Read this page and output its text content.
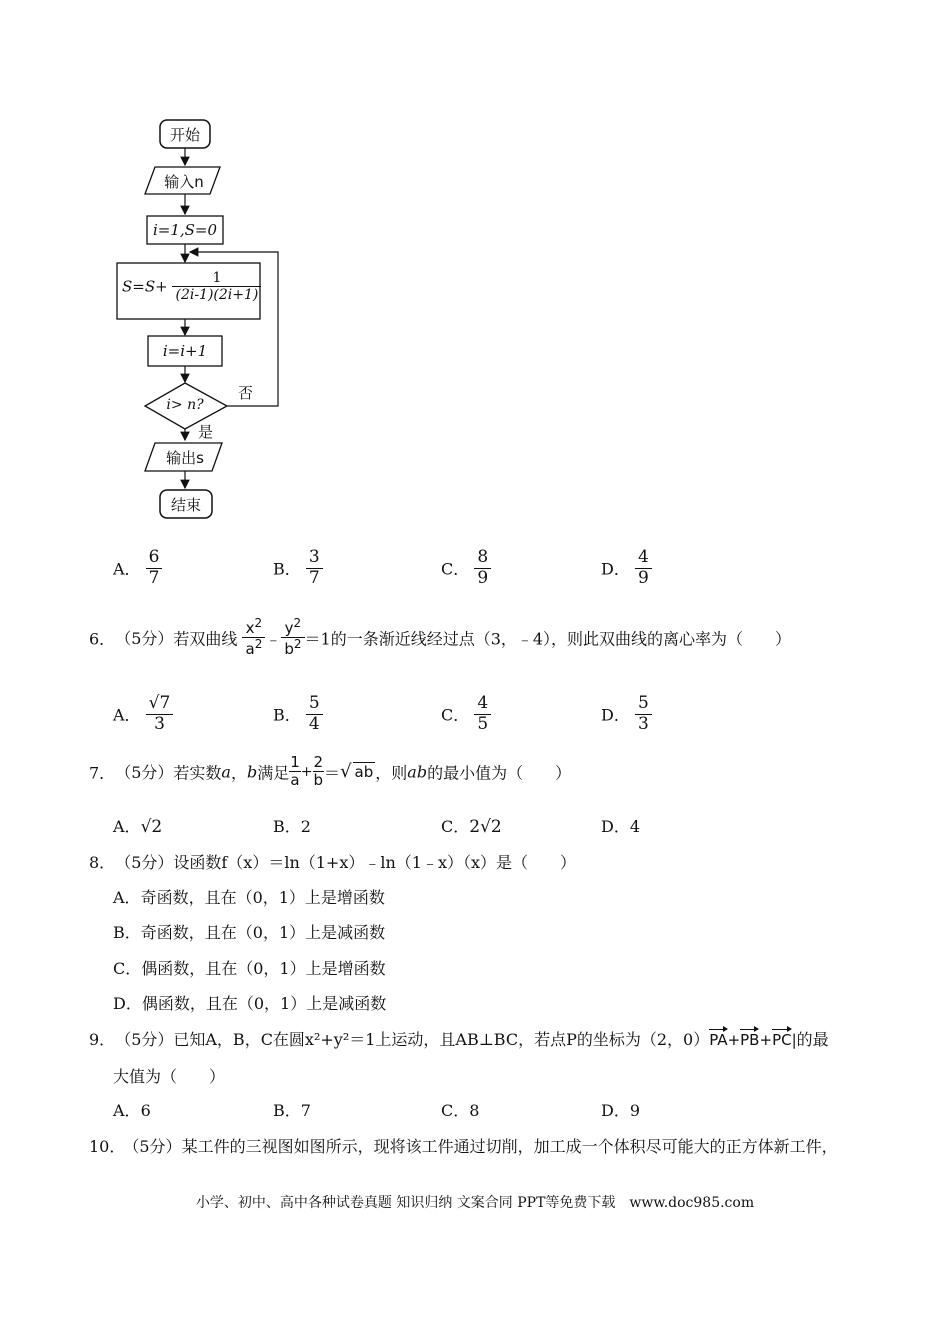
开始
输入n
i=1,S=0
$S=S+ \frac{1}{(2i-1)(2i+1)}$
i=i+1
i> n?
否
是
输出s
结束
A． $\frac{6}{7}$	B． $\frac{3}{7}$	C． $\frac{8}{9}$	D． $\frac{4}{9}$
6． （5分）若双曲线 $\frac{x^2}{a^2}$ ﹣ $\frac{y^2}{b^2} =1$的一条渐近线经过点（3，﹣4），则此双曲线的离心率为（　　）
A． $\frac{√7}{3}$	B． $\frac{5}{4}$	C． $\frac{4}{5}$	D． $\frac{5}{3}$
7． （5分）若实数a，b满足 $\frac{1}{a} + \frac{2}{b}$ ＝√ ab ，则ab的最小值为（　　）
A．√2	B．2	C．2√2	D．4
8． （5分）设函数f（x）＝ln（1+x）﹣ln（1﹣x）（x）是（　　）
A．奇函数，且在（0，1）上是增函数
B．奇函数，且在（0，1）上是减函数
C．偶函数，且在（0，1）上是增函数
D．偶函数，且在（0，1）上是减函数
9． （5分）已知A，B，C在圆x²+y²＝1上运动，且AB⊥BC，若点P的坐标为（2，0）PA+PB+PC|的最
大值为（　　）
A．6	B．7	C．8	D．9
10． （5分）某工件的三视图如图所示，现将该工件通过切削，加工成一个体积尽可能大的正方体新工件，
小学、初中、高中各种试卷真题 知识归纳 文案合同 PPT等免费下载　www.doc985.com
